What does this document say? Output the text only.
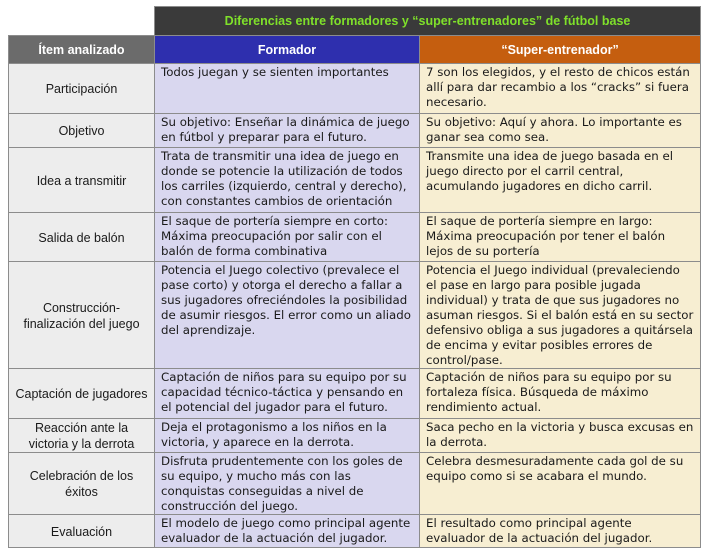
	Diferencias entre formadores y “super-entrenadores” de fútbol base	
Ítem analizado	Formador	“Super-entrenador”
Participación	Todos juegan y se sienten importantes	7 son los elegidos, y el resto de chicos están allí para dar recambio a los “cracks” si fuera necesario.
Objetivo	Su objetivo: Enseñar la dinámica de juego en fútbol y preparar para el futuro.	Su objetivo: Aquí y ahora. Lo importante es ganar sea como sea.
Idea a transmitir	Trata de transmitir una idea de juego en donde se potencie la utilización de todos los carriles (izquierdo, central y derecho), con constantes cambios de orientación	Transmite una idea de juego basada en el juego directo por el carril central, acumulando jugadores en dicho carril.
Salida de balón	El saque de portería siempre en corto: Máxima preocupación por salir con el balón de forma combinativa	El saque de portería siempre en largo: Máxima preocupación por tener el balón lejos de su portería
Construcción-finalización del juego	Potencia el Juego colectivo (prevalece el pase corto) y otorga el derecho a fallar a sus jugadores ofreciéndoles la posibilidad de asumir riesgos. El error como un aliado del aprendizaje.	Potencia el Juego individual (prevaleciendo el pase en largo para posible jugada individual) y trata de que sus jugadores no asuman riesgos. Si el balón está en su sector defensivo obliga a sus jugadores a quitársela de encima y evitar posibles errores de control/pase.
Captación de jugadores	Captación de niños para su equipo por su capacidad técnico-táctica y pensando en el potencial del jugador para el futuro.	Captación de niños para su equipo por su fortaleza física. Búsqueda de máximo rendimiento actual.
Reacción ante la victoria y la derrota	Deja el protagonismo a los niños en la victoria, y aparece en la derrota.	Saca pecho en la victoria y busca excusas en la derrota.
Celebración de los éxitos	Disfruta prudentemente con los goles de su equipo, y mucho más con las conquistas conseguidas a nivel de construcción del juego.	Celebra desmesuradamente cada gol de su equipo como si se acabara el mundo.
Evaluación	El modelo de juego como principal agente evaluador de la actuación del jugador.	El resultado como principal agente evaluador de la actuación del jugador.
